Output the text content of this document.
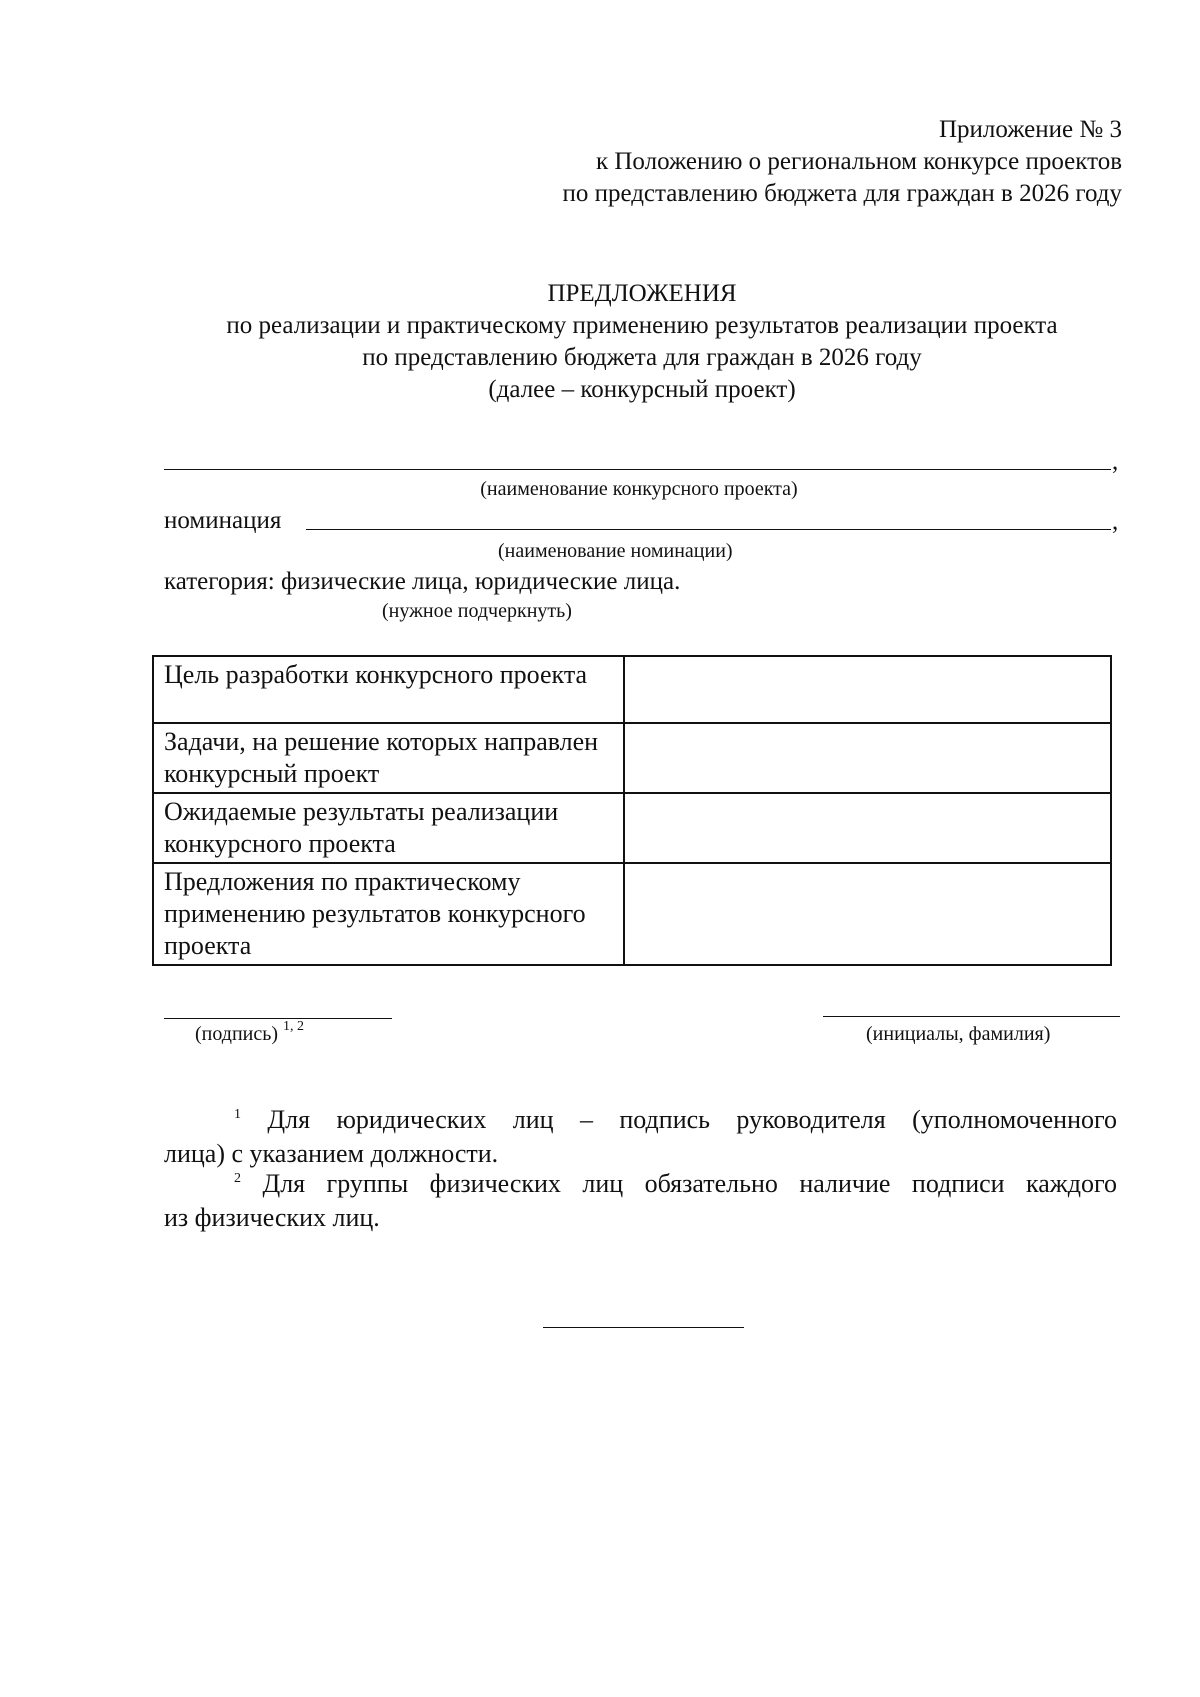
Приложение № 3
к Положению о региональном конкурсе проектов
по представлению бюджета для граждан в 2026 году
ПРЕДЛОЖЕНИЯ
по реализации и практическому применению результатов реализации проекта
по представлению бюджета для граждан в 2026 году
(далее – конкурсный проект)
,
(наименование конкурсного проекта)
номинация	,
(наименование номинации)
категория: физические лица, юридические лица.
(нужное подчеркнуть)
Цель разработки конкурсного проекта	
Задачи, на решение которых направлен конкурсный проект	
Ожидаемые результаты реализации конкурсного проекта	
Предложения по практическому применению результатов конкурсного проекта	
(подпись) $^{1, 2}$	(инициалы, фамилия)
$^1$ Для юридических лиц – подпись руководителя (уполномоченного
лица) с указанием должности.
$^2$ Для группы физических лиц обязательно наличие подписи каждого
из физических лиц.
